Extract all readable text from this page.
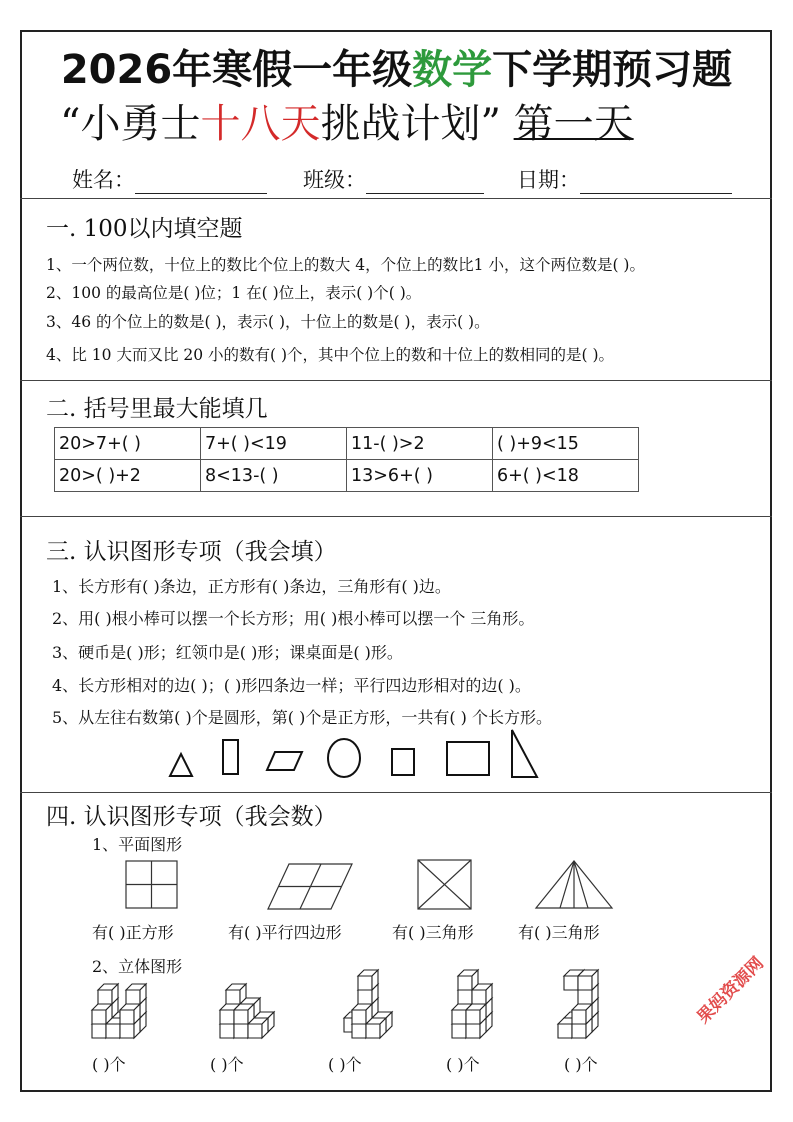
2026年寒假一年级数学下学期预习题
“小勇士十八天挑战计划” 第一天
姓名：	班级：	日期：
一. 100以内填空题
1、一个两位数，十位上的数比个位上的数大 4，个位上的数比1 小，这个两位数是( )。
2、100 的最高位是( )位；1 在( )位上，表示( )个( )。
3、46 的个位上的数是( )，表示( )，十位上的数是( )，表示( )。
4、比 10 大而又比 20 小的数有( )个，其中个位上的数和十位上的数相同的是( )。
二. 括号里最大能填几
20>7+( )	7+( )<19	11-( )>2	( )+9<15
20>( )+2	8<13-( )	13>6+( )	6+( )<18
三. 认识图形专项（我会填）
1、长方形有( )条边，正方形有( )条边，三角形有( )边。
2、用( )根小棒可以摆一个长方形；用( )根小棒可以摆一个 三角形。
3、硬币是( )形；红领巾是( )形；课桌面是( )形。
4、长方形相对的边( )；( )形四条边一样；平行四边形相对的边( )。
5、从左往右数第( )个是圆形，第( )个是正方形，一共有( ) 个长方形。
四. 认识图形专项（我会数）
1、平面图形
有( )正方形	有( )平行四边形	有( )三角形	有( )三角形
2、立体图形
( )个	( )个	( )个	( )个	( )个
果妈资源网
